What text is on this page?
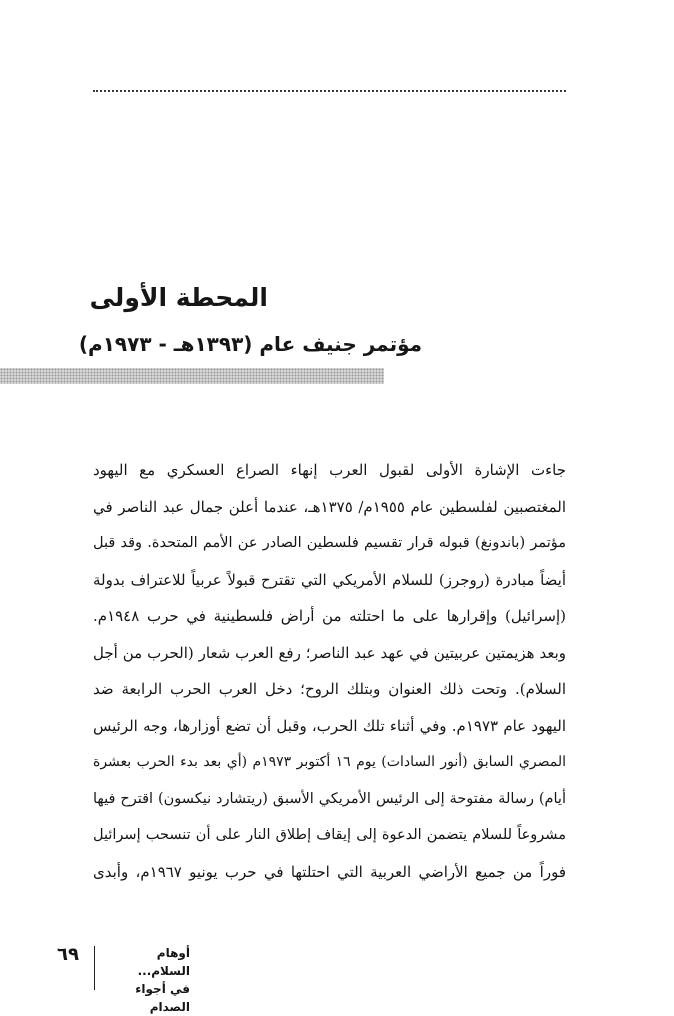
المحطة الأولى
مؤتمر جنيف عام (١٣٩٣هـ - ١٩٧٣م)
جاءت الإشارة الأولى لقبول العرب إنهاء الصراع العسكري مع اليهود
المغتصبين لفلسطين عام ١٩٥٥م/ ١٣٧٥هـ، عندما أعلن جمال عبد الناصر في
مؤتمر (باندونغ) قبوله قرار تقسيم فلسطين الصادر عن الأمم المتحدة. وقد قبل
أيضاً مبادرة (روجرز) للسلام الأمريكي التي تقترح قبولاً عربياً للاعتراف بدولة
(إسرائيل) وإقرارها على ما احتلته من أراض فلسطينية في حرب ١٩٤٨م.
وبعد هزيمتين عربيتين في عهد عبد الناصر؛ رفع العرب شعار (الحرب من أجل
السلام). وتحت ذلك العنوان وبتلك الروح؛ دخل العرب الحرب الرابعة ضد
اليهود عام ١٩٧٣م. وفي أثناء تلك الحرب، وقبل أن تضع أوزارها، وجه الرئيس
المصري السابق (أنور السادات) يوم ١٦ أكتوبر ١٩٧٣م (أي بعد بدء الحرب بعشرة
أيام) رسالة مفتوحة إلى الرئيس الأمريكي الأسبق (ريتشارد نيكسون) اقترح فيها
مشروعاً للسلام يتضمن الدعوة إلى إيقاف إطلاق النار على أن تنسحب إسرائيل
فوراً من جميع الأراضي العربية التي احتلتها في حرب يونيو ١٩٦٧م، وأبدى
٦٩	أوهام السلام...
في أجواء الصدام
